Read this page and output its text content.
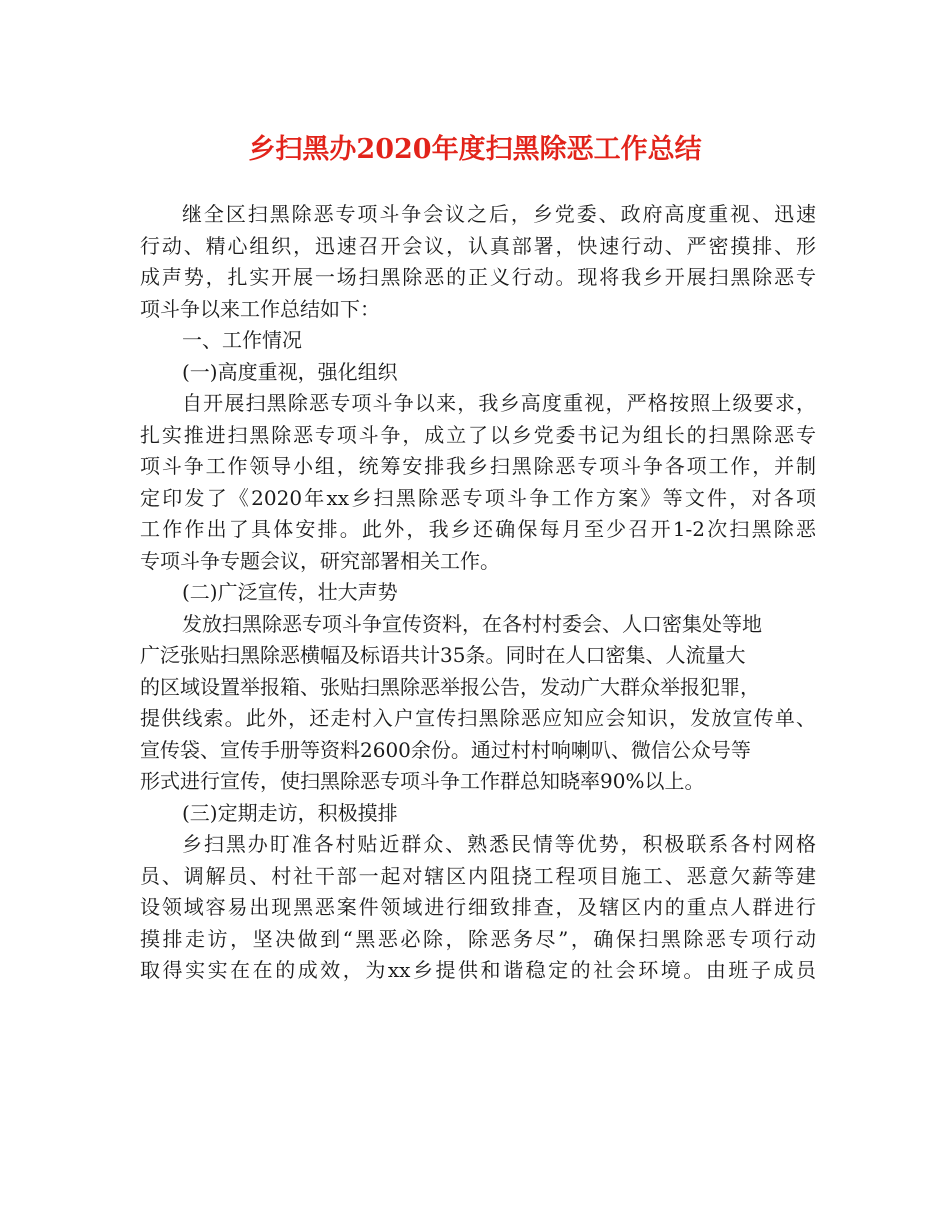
乡扫黑办2020年度扫黑除恶工作总结

继全区扫黑除恶专项斗争会议之后，乡党委、政府高度重视、迅速

行动、精心组织，迅速召开会议，认真部署，快速行动、严密摸排、形

成声势，扎实开展一场扫黑除恶的正义行动。现将我乡开展扫黑除恶专

项斗争以来工作总结如下：

一、工作情况

(一)高度重视，强化组织

自开展扫黑除恶专项斗争以来，我乡高度重视，严格按照上级要求，

扎实推进扫黑除恶专项斗争，成立了以乡党委书记为组长的扫黑除恶专

项斗争工作领导小组，统筹安排我乡扫黑除恶专项斗争各项工作，并制

定印发了《2020年xx乡扫黑除恶专项斗争工作方案》等文件，对各项

工作作出了具体安排。此外，我乡还确保每月至少召开1-2次扫黑除恶

专项斗争专题会议，研究部署相关工作。

(二)广泛宣传，壮大声势

发放扫黑除恶专项斗争宣传资料，在各村村委会、人口密集处等地

广泛张贴扫黑除恶横幅及标语共计35条。同时在人口密集、人流量大

的区域设置举报箱、张贴扫黑除恶举报公告，发动广大群众举报犯罪，

提供线索。此外，还走村入户宣传扫黑除恶应知应会知识，发放宣传单、

宣传袋、宣传手册等资料2600余份。通过村村响喇叭、微信公众号等

形式进行宣传，使扫黑除恶专项斗争工作群总知晓率90%以上。

(三)定期走访，积极摸排

乡扫黑办盯准各村贴近群众、熟悉民情等优势，积极联系各村网格

员、调解员、村社干部一起对辖区内阻挠工程项目施工、恶意欠薪等建

设领域容易出现黑恶案件领域进行细致排查，及辖区内的重点人群进行

摸排走访，坚决做到“黑恶必除，除恶务尽”，确保扫黑除恶专项行动

取得实实在在的成效，为xx乡提供和谐稳定的社会环境。由班子成员
